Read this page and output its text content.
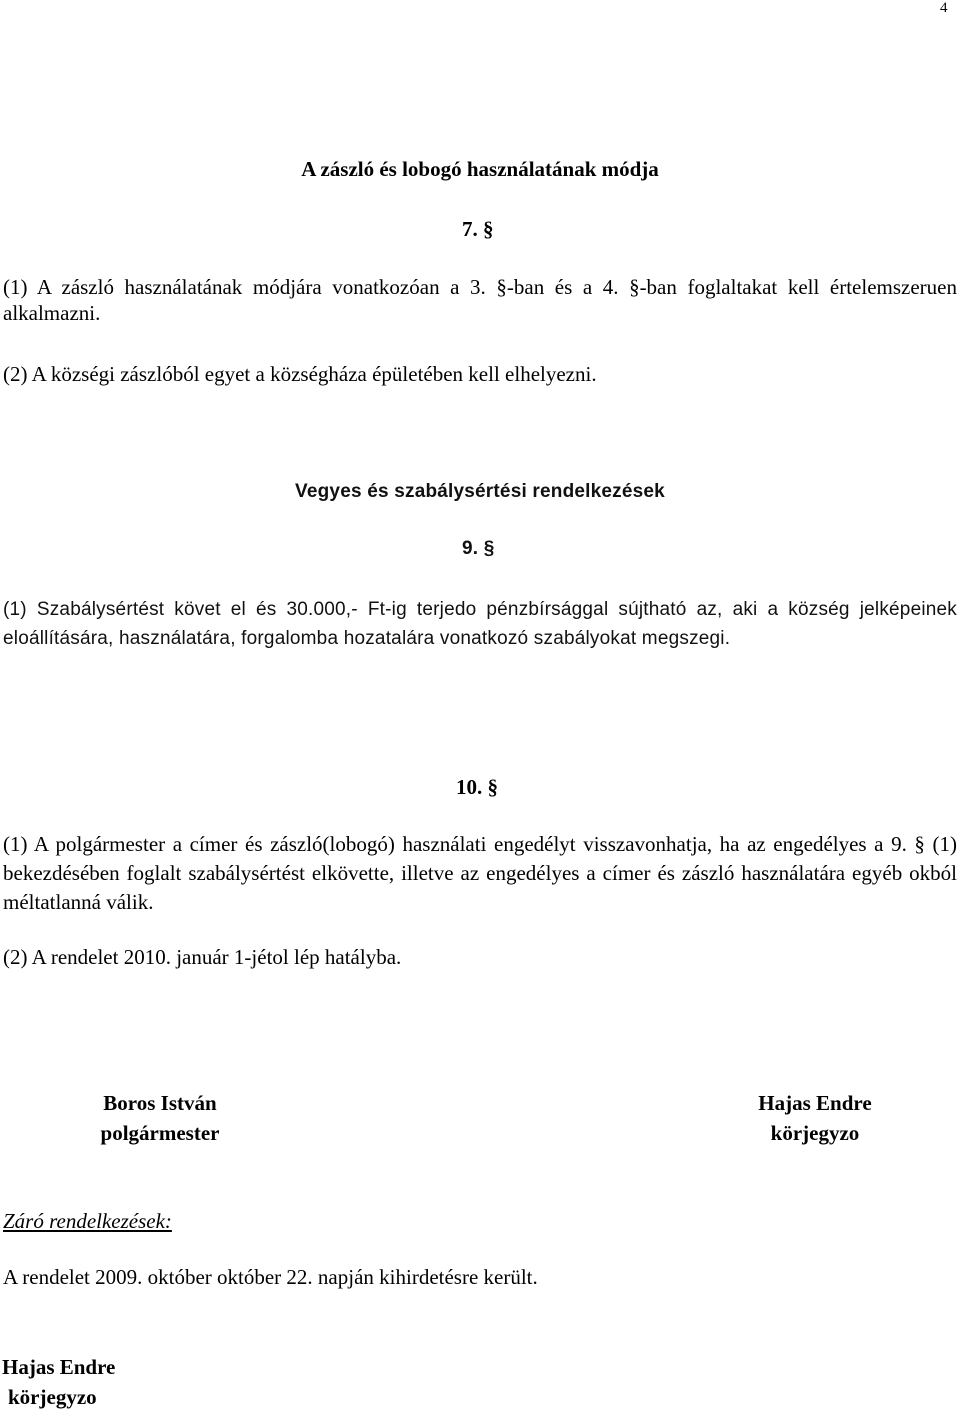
4
A zászló és lobogó használatának módja
7. §
(1) A zászló használatának módjára vonatkozóan a 3. §-ban és a 4. §-ban foglaltakat kell értelemszeruen alkalmazni.
(2) A községi zászlóból egyet a községháza épületében kell elhelyezni.
Vegyes és szabálysértési rendelkezések
9. §
(1) Szabálysértést követ el és 30.000,- Ft-ig terjedo pénzbírsággal sújtható az, aki a község jelképeinek eloállítására, használatára, forgalomba hozatalára vonatkozó szabályokat megszegi.
10. §
(1) A polgármester a címer és zászló(lobogó) használati engedélyt visszavonhatja, ha az engedélyes a 9. § (1) bekezdésében foglalt szabálysértést elkövette, illetve az engedélyes a címer és zászló használatára egyéb okból méltatlanná válik.
(2) A rendelet 2010. január 1-jétol lép hatályba.
Boros István
polgármester
Hajas Endre
körjegyzo
Záró rendelkezések:
A rendelet 2009. október október 22. napján kihirdetésre került.
Hajas Endre
körjegyzo
